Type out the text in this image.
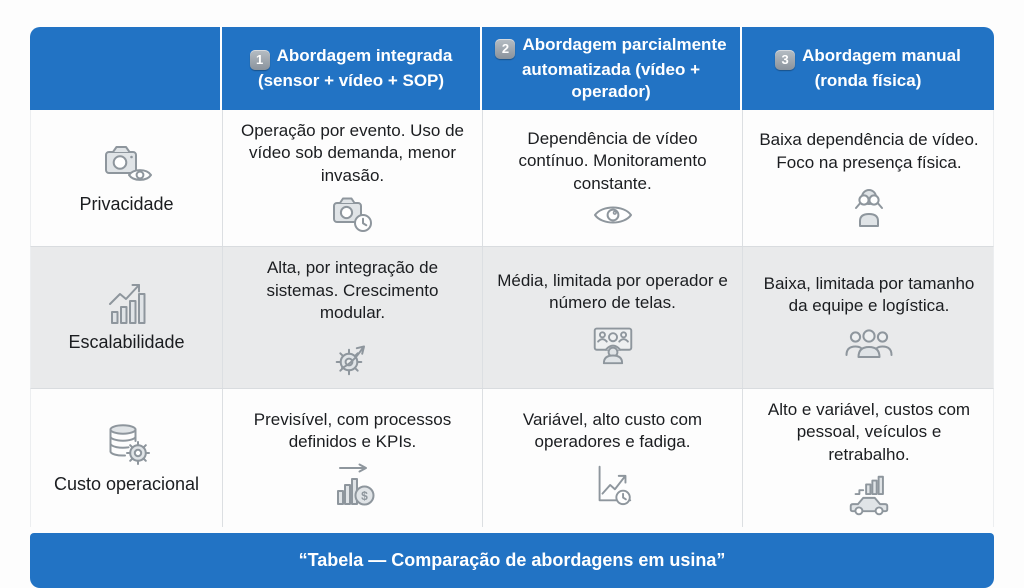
1 Abordagem integrada (sensor + vídeo + SOP)
2 Abordagem parcialmente automatizada (vídeo + operador)
3 Abordagem manual (ronda física)
Privacidade
Operação por evento. Uso de vídeo sob demanda, menor invasão.
Dependência de vídeo contínuo. Monitoramento constante.
Baixa dependência de vídeo. Foco na presença física.
Escalabilidade
Alta, por integração de sistemas. Crescimento modular.
Média, limitada por operador e número de telas.
Baixa, limitada por tamanho da equipe e logística.
Custo operacional
Previsível, com processos definidos e KPIs.
$
Variável, alto custo com operadores e fadiga.
Alto e variável, custos com pessoal, veículos e retrabalho.
“Tabela — Comparação de abordagens em usina”
